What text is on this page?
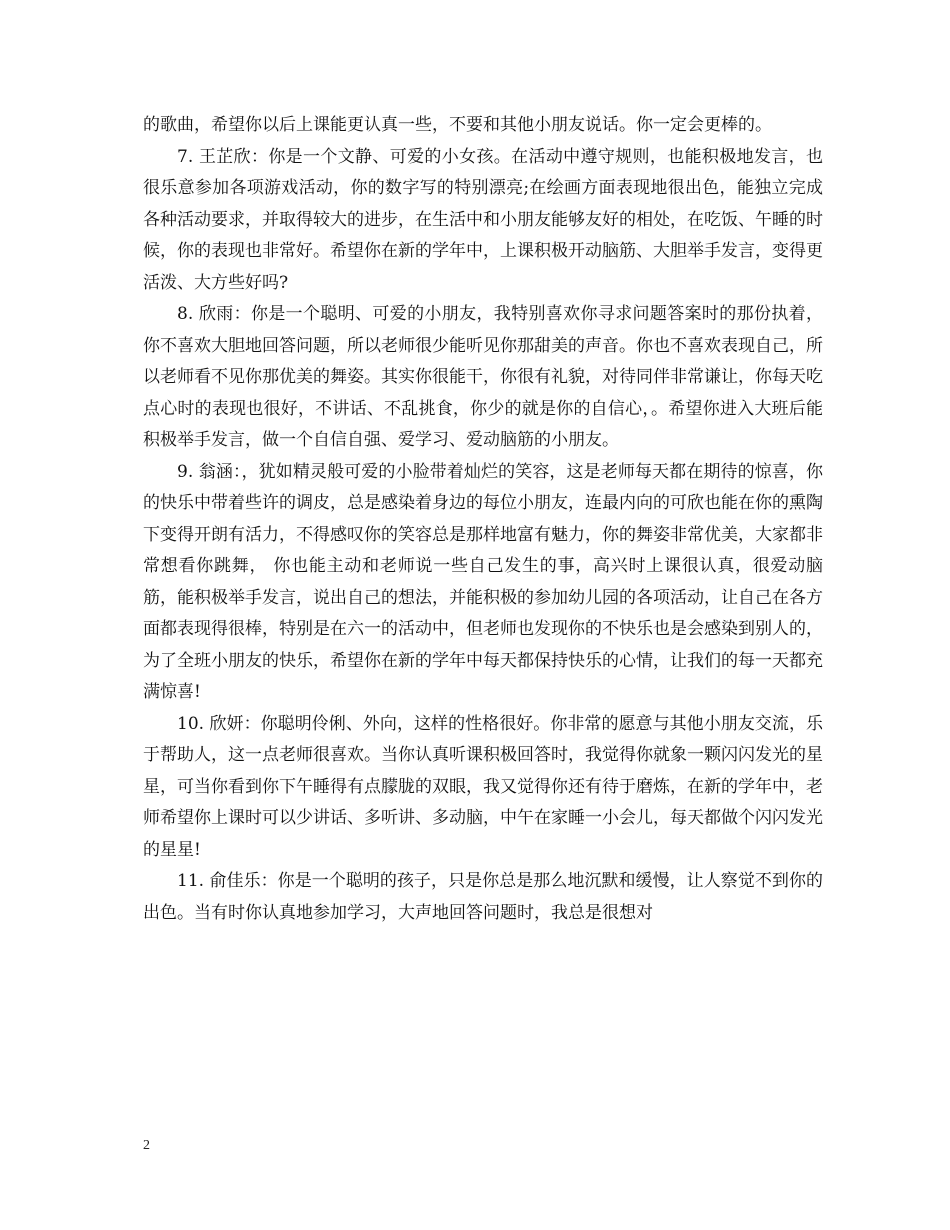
的歌曲，希望你以后上课能更认真一些，不要和其他小朋友说话。你一定会更棒的。

7. 王芷欣：你是一个文静、可爱的小女孩。在活动中遵守规则，也能积极地发言，也很乐意参加各项游戏活动，你的数字写的特别漂亮;在绘画方面表现地很出色，能独立完成各种活动要求，并取得较大的进步，在生活中和小朋友能够友好的相处，在吃饭、午睡的时候，你的表现也非常好。希望你在新的学年中，上课积极开动脑筋、大胆举手发言，变得更活泼、大方些好吗?

8. 欣雨：你是一个聪明、可爱的小朋友，我特别喜欢你寻求问题答案时的那份执着，你不喜欢大胆地回答问题，所以老师很少能听见你那甜美的声音。你也不喜欢表现自己，所以老师看不见你那优美的舞姿。其实你很能干，你很有礼貌，对待同伴非常谦让，你每天吃点心时的表现也很好，不讲话、不乱挑食，你少的就是你的自信心，。希望你进入大班后能积极举手发言，做一个自信自强、爱学习、爱动脑筋的小朋友。

9. 翁涵：，犹如精灵般可爱的小脸带着灿烂的笑容，这是老师每天都在期待的惊喜，你的快乐中带着些许的调皮，总是感染着身边的每位小朋友，连最内向的可欣也能在你的熏陶下变得开朗有活力，不得感叹你的笑容总是那样地富有魅力，你的舞姿非常优美，大家都非常想看你跳舞， 你也能主动和老师说一些自己发生的事，高兴时上课很认真，很爱动脑筋，能积极举手发言，说出自己的想法，并能积极的参加幼儿园的各项活动，让自己在各方面都表现得很棒，特别是在六一的活动中，但老师也发现你的不快乐也是会感染到别人的，为了全班小朋友的快乐，希望你在新的学年中每天都保持快乐的心情，让我们的每一天都充满惊喜!

10. 欣妍：你聪明伶俐、外向，这样的性格很好。你非常的愿意与其他小朋友交流，乐于帮助人，这一点老师很喜欢。当你认真听课积极回答时，我觉得你就象一颗闪闪发光的星星，可当你看到你下午睡得有点朦胧的双眼，我又觉得你还有待于磨炼，在新的学年中，老师希望你上课时可以少讲话、多听讲、多动脑，中午在家睡一小会儿，每天都做个闪闪发光的星星!

11. 俞佳乐：你是一个聪明的孩子，只是你总是那么地沉默和缓慢，让人察觉不到你的出色。当有时你认真地参加学习，大声地回答问题时，我总是很想对

2
